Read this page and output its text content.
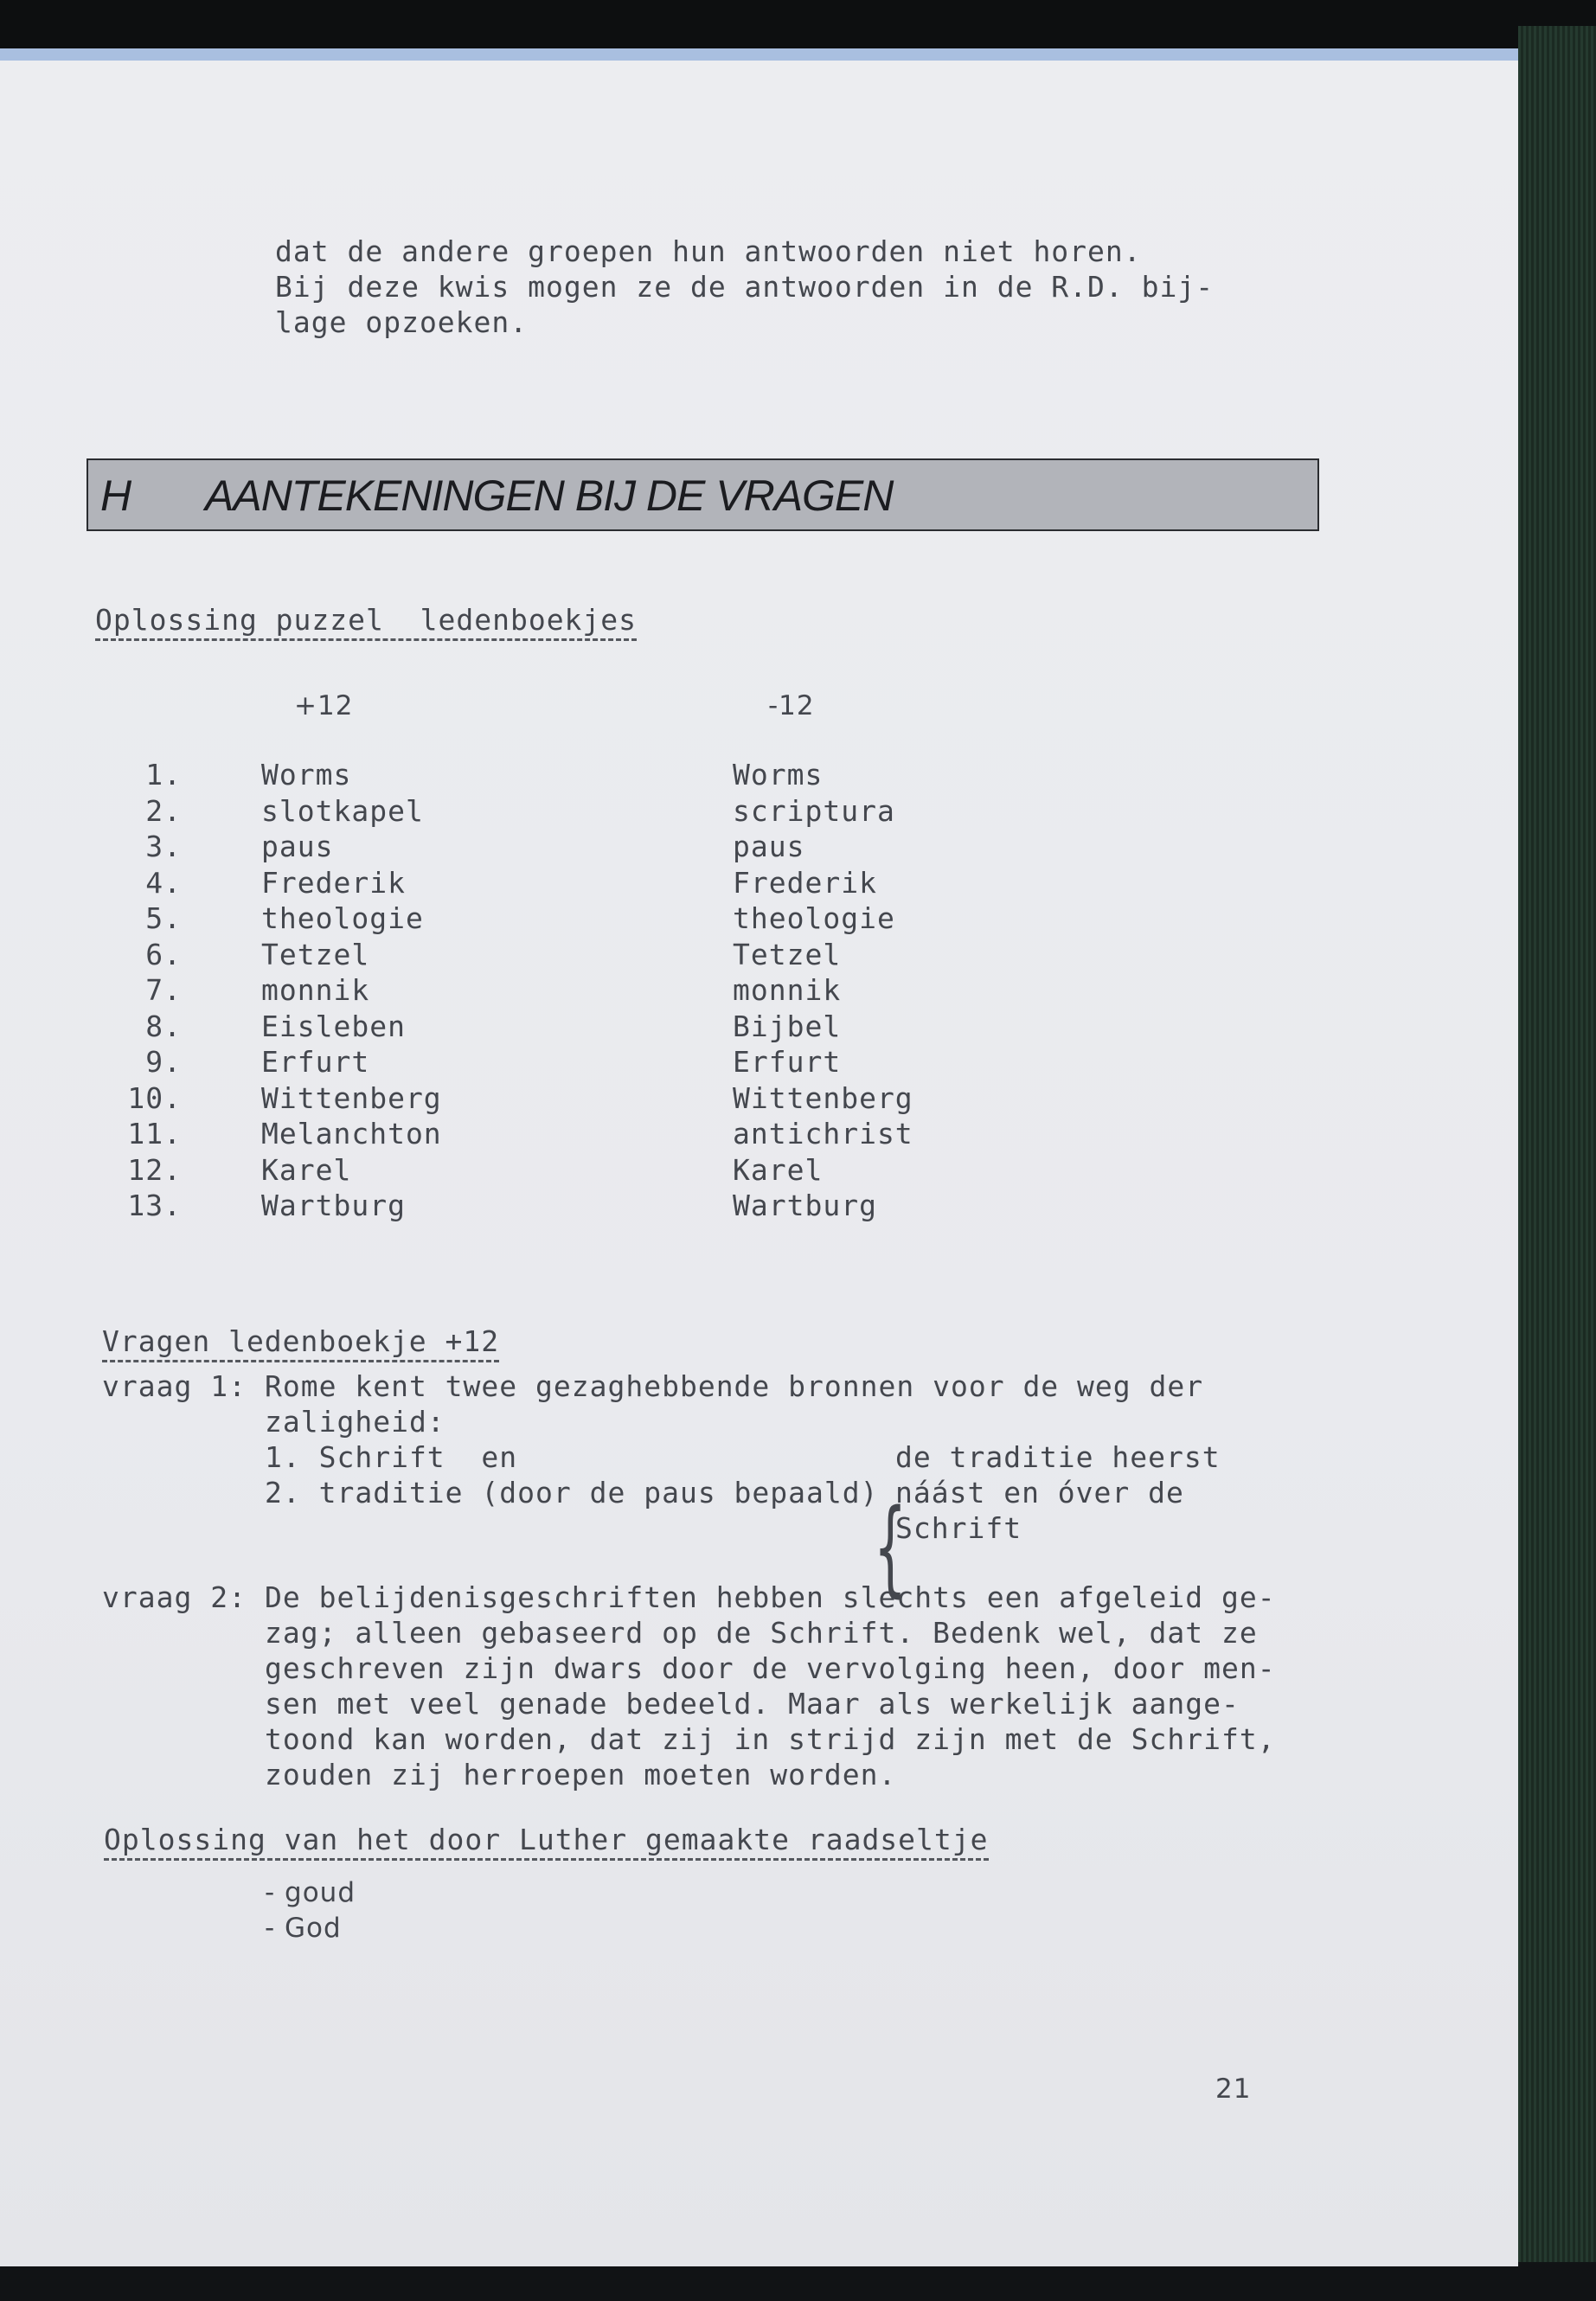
dat de andere groepen hun antwoorden niet horen.
Bij deze kwis mogen ze de antwoorden in de R.D. bij-
lage opzoeken.
H AANTEKENINGEN BIJ DE VRAGEN
Oplossing puzzel  ledenboekjes
+12	-12
1.	Worms	Worms
2.	slotkapel	scriptura
3.	paus	paus
4.	Frederik	Frederik
5.	theologie	theologie
6.	Tetzel	Tetzel
7.	monnik	monnik
8.	Eisleben	Bijbel
9.	Erfurt	Erfurt
10.	Wittenberg	Wittenberg
11.	Melanchton	antichrist
12.	Karel	Karel
13.	Wartburg	Wartburg
Vragen ledenboekje +12
vraag 1: Rome kent twee gezaghebbende bronnen voor de weg der
zaligheid:
1. Schrift  en
2. traditie (door de paus bepaald)
{
de traditie heerst
náást en óver de
Schrift
vraag 2: De belijdenisgeschriften hebben slechts een afgeleid ge-
zag; alleen gebaseerd op de Schrift. Bedenk wel, dat ze
geschreven zijn dwars door de vervolging heen, door men-
sen met veel genade bedeeld. Maar als werkelijk aange-
toond kan worden, dat zij in strijd zijn met de Schrift,
zouden zij herroepen moeten worden.
Oplossing van het door Luther gemaakte raadseltje
- goud
- God
21
